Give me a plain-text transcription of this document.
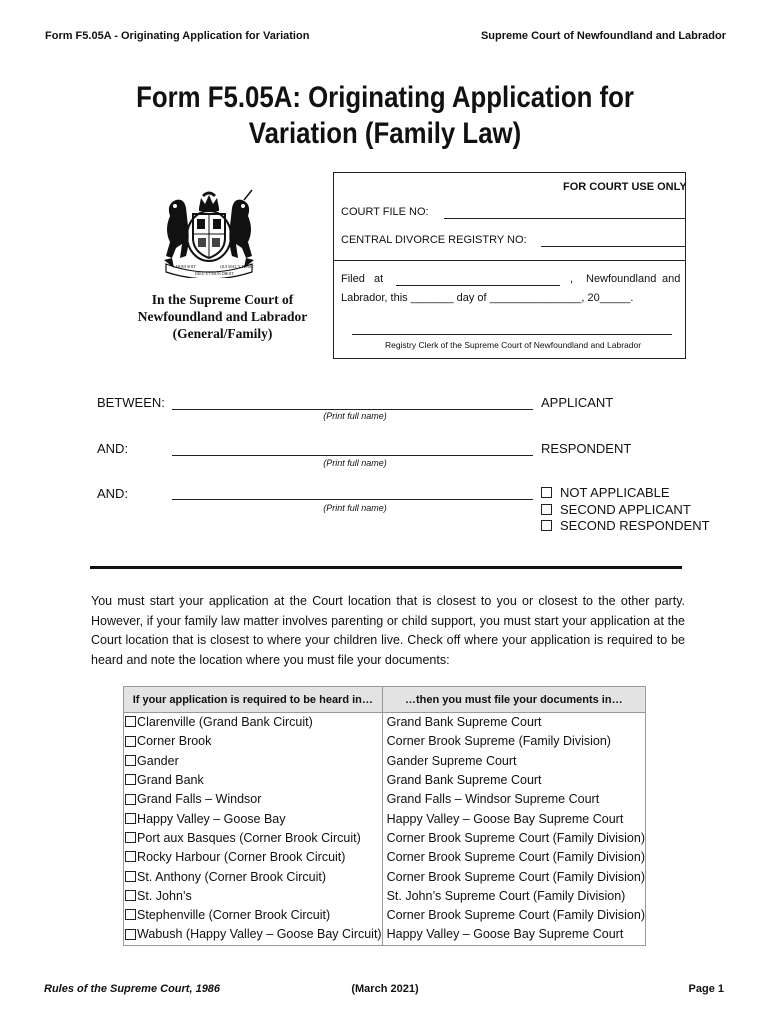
Form F5.05A - Originating Application for Variation	Supreme Court of Newfoundland and Labrador
Form F5.05A: Originating Application for
Variation (Family Law)
HONI SOIT	QUI MAL Y PENSE
DIEU ET MON DROIT
In the Supreme Court of
Newfoundland and Labrador
(General/Family)
FOR COURT USE ONLY
COURT FILE NO:
CENTRAL DIVORCE REGISTRY NO:
Filed at	, Newfoundland and
Labrador, this _______ day of _______________, 20_____.
Registry Clerk of the Supreme Court of Newfoundland and Labrador
BETWEEN:
(Print full name)
APPLICANT
AND:
(Print full name)
RESPONDENT
AND:
(Print full name)
NOT APPLICABLE
SECOND APPLICANT
SECOND RESPONDENT
You must start your application at the Court location that is closest to you or closest to the other party. However, if your family law matter involves parenting or child support, you must start your application at the Court location that is closest to where your children live. Check off where your application is required to be heard and note the location where you must file your documents:
If your application is required to be heard in…		…then you must file your documents in…
	Clarenville (Grand Bank Circuit)	Grand Bank Supreme Court
	Corner Brook	Corner Brook Supreme (Family Division)
	Gander	Gander Supreme Court
	Grand Bank	Grand Bank Supreme Court
	Grand Falls – Windsor	Grand Falls – Windsor Supreme Court
	Happy Valley – Goose Bay	Happy Valley – Goose Bay Supreme Court
	Port aux Basques (Corner Brook Circuit)	Corner Brook Supreme Court (Family Division)
	Rocky Harbour (Corner Brook Circuit)	Corner Brook Supreme Court (Family Division)
	St. Anthony (Corner Brook Circuit)	Corner Brook Supreme Court (Family Division)
	St. John’s	St. John’s Supreme Court (Family Division)
	Stephenville (Corner Brook Circuit)	Corner Brook Supreme Court (Family Division)
	Wabush (Happy Valley – Goose Bay Circuit)	Happy Valley – Goose Bay Supreme Court
Rules of the Supreme Court, 1986	(March 2021)	Page 1
